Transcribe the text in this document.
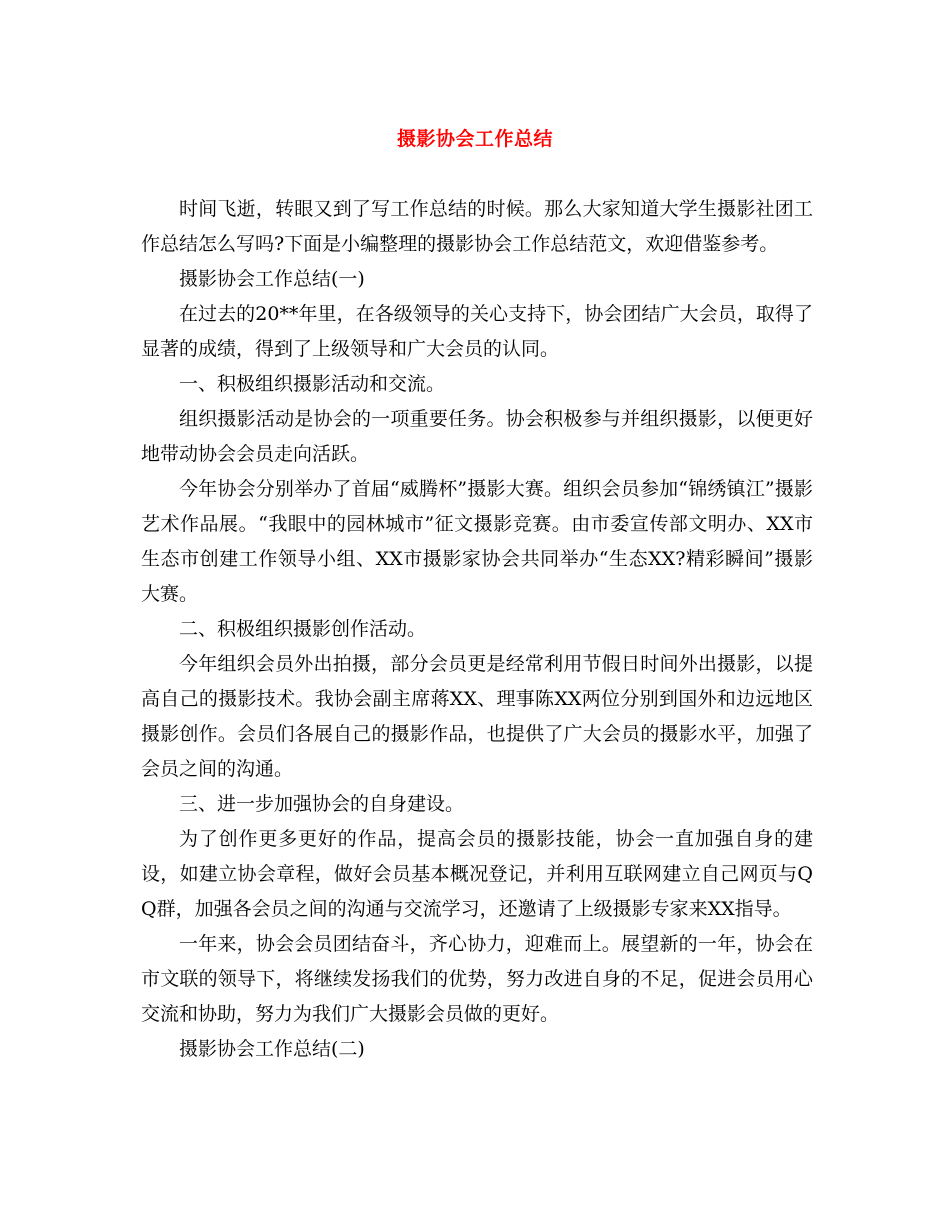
摄影协会工作总结

时间飞逝，转眼又到了写工作总结的时候。那么大家知道大学生摄影社团工作总结怎么写吗?下面是小编整理的摄影协会工作总结范文，欢迎借鉴参考。

摄影协会工作总结(一)

在过去的20**年里，在各级领导的关心支持下，协会团结广大会员，取得了显著的成绩，得到了上级领导和广大会员的认同。

一、积极组织摄影活动和交流。

组织摄影活动是协会的一项重要任务。协会积极参与并组织摄影，以便更好地带动协会会员走向活跃。

今年协会分别举办了首届“威腾杯”摄影大赛。组织会员参加“锦绣镇江”摄影艺术作品展。“我眼中的园林城市”征文摄影竞赛。由市委宣传部文明办、XX市生态市创建工作领导小组、XX市摄影家协会共同举办“生态XX?精彩瞬间”摄影大赛。

二、积极组织摄影创作活动。

今年组织会员外出拍摄，部分会员更是经常利用节假日时间外出摄影，以提高自己的摄影技术。我协会副主席蒋XX、理事陈XX两位分别到国外和边远地区摄影创作。会员们各展自己的摄影作品，也提供了广大会员的摄影水平，加强了会员之间的沟通。

三、进一步加强协会的自身建设。

为了创作更多更好的作品，提高会员的摄影技能，协会一直加强自身的建设，如建立协会章程，做好会员基本概况登记，并利用互联网建立自己网页与QQ群，加强各会员之间的沟通与交流学习，还邀请了上级摄影专家来XX指导。

一年来，协会会员团结奋斗，齐心协力，迎难而上。展望新的一年，协会在市文联的领导下，将继续发扬我们的优势，努力改进自身的不足，促进会员用心交流和协助，努力为我们广大摄影会员做的更好。

摄影协会工作总结(二)
